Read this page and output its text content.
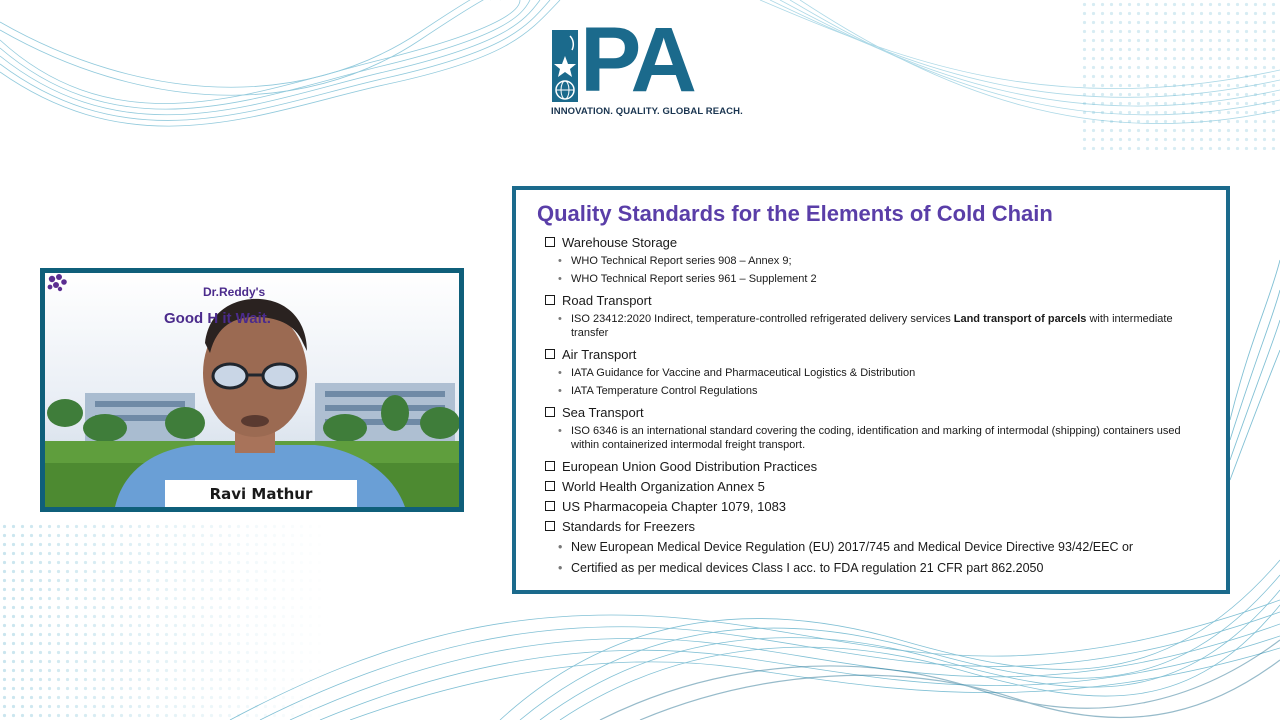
PA
INNOVATION. QUALITY. GLOBAL REACH.
Dr.Reddy's
Good H it Wait.
Ravi Mathur
Quality Standards for the Elements of Cold Chain
Warehouse Storage
• WHO Technical Report series 908 – Annex 9;
• WHO Technical Report series 961 – Supplement 2
Road Transport
• ISO 23412:2020 Indirect, temperature-controlled refrigerated delivery services Land transport of parcels with intermediate transfer
Air Transport
• IATA Guidance for Vaccine and Pharmaceutical Logistics & Distribution
• IATA Temperature Control Regulations
Sea Transport
• ISO 6346 is an international standard covering the coding, identification and marking of intermodal (shipping) containers used within containerized intermodal freight transport.
European Union Good Distribution Practices
World Health Organization Annex 5
US Pharmacopeia Chapter 1079, 1083
Standards for Freezers
• New European Medical Device Regulation (EU) 2017/745 and Medical Device Directive 93/42/EEC or
• Certified as per medical devices Class I acc. to FDA regulation 21 CFR part 862.2050
